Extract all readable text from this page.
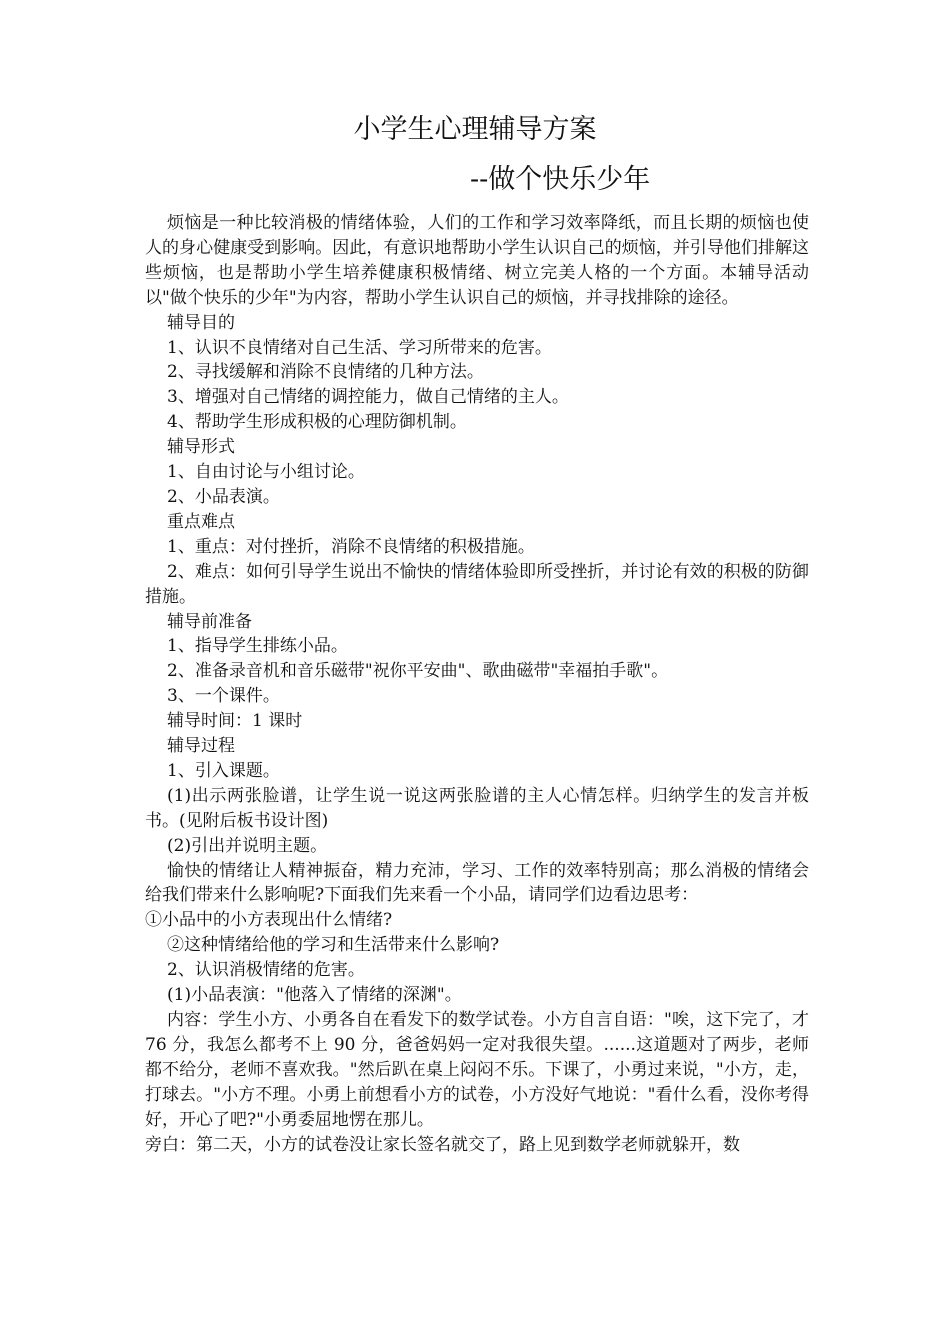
小学生心理辅导方案
--做个快乐少年

烦恼是一种比较消极的情绪体验，人们的工作和学习效率降纸，而且长期的烦恼也使人的身心健康受到影响。因此，有意识地帮助小学生认识自己的烦恼，并引导他们排解这些烦恼，也是帮助小学生培养健康积极情绪、树立完美人格的一个方面。本辅导活动以"做个快乐的少年"为内容，帮助小学生认识自己的烦恼，并寻找排除的途径。

辅导目的

1、认识不良情绪对自己生活、学习所带来的危害。

2、寻找缓解和消除不良情绪的几种方法。

3、增强对自己情绪的调控能力，做自己情绪的主人。

4、帮助学生形成积极的心理防御机制。

辅导形式

1、自由讨论与小组讨论。

2、小品表演。

重点难点

1、重点：对付挫折，消除不良情绪的积极措施。

2、难点：如何引导学生说出不愉快的情绪体验即所受挫折，并讨论有效的积极的防御措施。

辅导前准备

1、指导学生排练小品。

2、准备录音机和音乐磁带"祝你平安曲"、歌曲磁带"幸福拍手歌"。

3、一个课件。

辅导时间：1 课时

辅导过程

1、引入课题。

(1)出示两张脸谱，让学生说一说这两张脸谱的主人心情怎样。归纳学生的发言并板书。(见附后板书设计图)

(2)引出并说明主题。

愉快的情绪让人精神振奋，精力充沛，学习、工作的效率特别高；那么消极的情绪会给我们带来什么影响呢?下面我们先来看一个小品，请同学们边看边思考：

①小品中的小方表现出什么情绪?

②这种情绪给他的学习和生活带来什么影响?

2、认识消极情绪的危害。

(1)小品表演："他落入了情绪的深渊"。

内容：学生小方、小勇各自在看发下的数学试卷。小方自言自语："唉，这下完了，才 76 分，我怎么都考不上 90 分，爸爸妈妈一定对我很失望。......这道题对了两步，老师都不给分，老师不喜欢我。"然后趴在桌上闷闷不乐。下课了，小勇过来说，"小方，走，打球去。"小方不理。小勇上前想看小方的试卷，小方没好气地说："看什么看，没你考得好，开心了吧?"小勇委屈地愣在那儿。

旁白：第二天，小方的试卷没让家长签名就交了，路上见到数学老师就躲开，数
